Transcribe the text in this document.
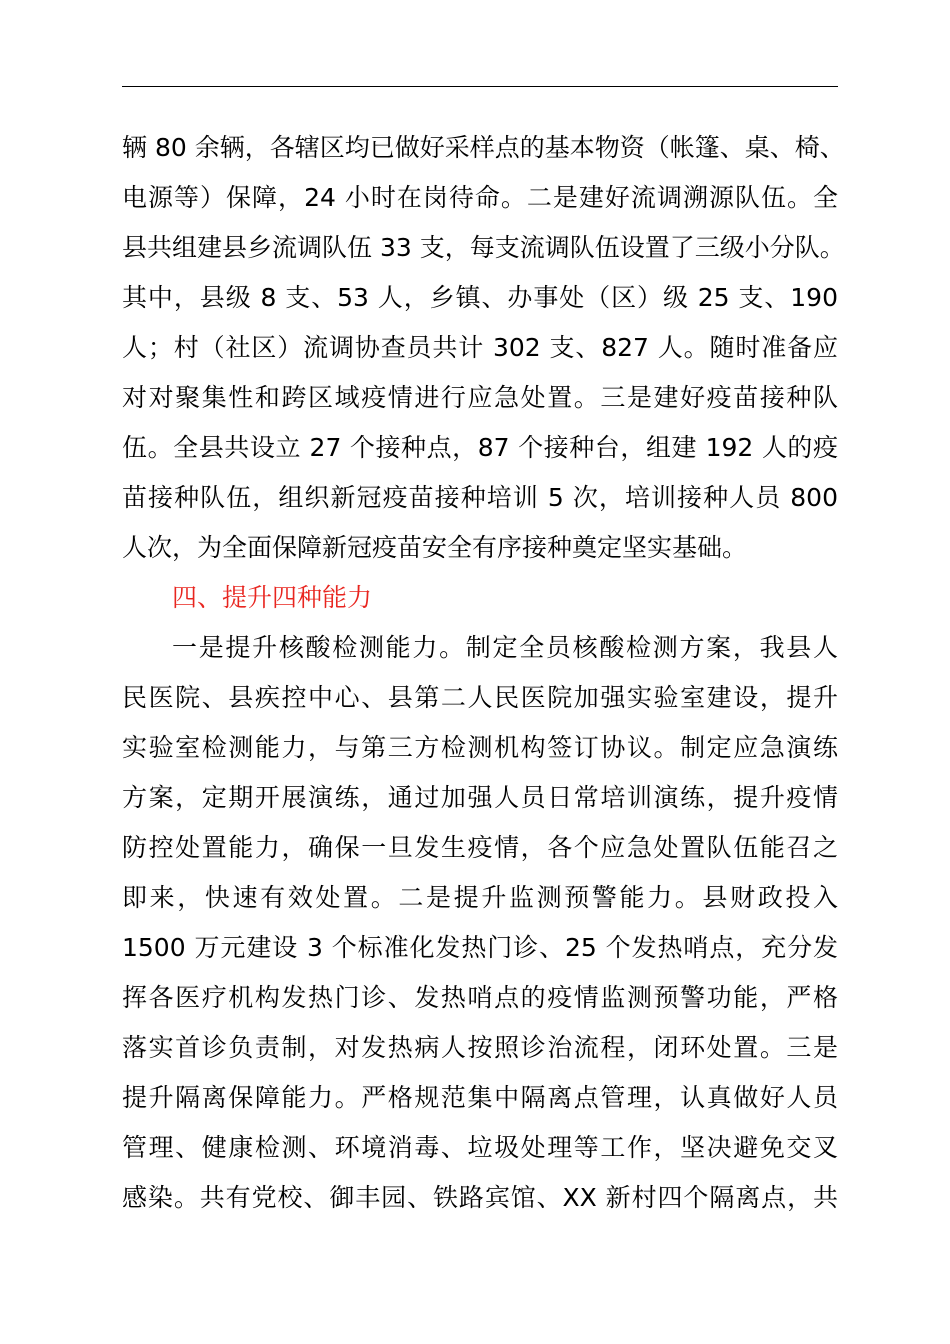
辆 80 余辆，各辖区均已做好采样点的基本物资（帐篷、桌、椅、
电源等）保障，24 小时在岗待命。二是建好流调溯源队伍。全
县共组建县乡流调队伍 33 支，每支流调队伍设置了三级小分队。
其中，县级 8 支、53 人，乡镇、办事处（区）级 25 支、190
人；村（社区）流调协查员共计 302 支、827 人。随时准备应
对对聚集性和跨区域疫情进行应急处置。三是建好疫苗接种队
伍。全县共设立 27 个接种点，87 个接种台，组建 192 人的疫
苗接种队伍，组织新冠疫苗接种培训 5 次，培训接种人员 800
人次，为全面保障新冠疫苗安全有序接种奠定坚实基础。
四、提升四种能力
一是提升核酸检测能力。制定全员核酸检测方案，我县人
民医院、县疾控中心、县第二人民医院加强实验室建设，提升
实验室检测能力，与第三方检测机构签订协议。制定应急演练
方案，定期开展演练，通过加强人员日常培训演练，提升疫情
防控处置能力，确保一旦发生疫情，各个应急处置队伍能召之
即来，快速有效处置。二是提升监测预警能力。县财政投入
1500 万元建设 3 个标准化发热门诊、25 个发热哨点，充分发
挥各医疗机构发热门诊、发热哨点的疫情监测预警功能，严格
落实首诊负责制，对发热病人按照诊治流程，闭环处置。三是
提升隔离保障能力。严格规范集中隔离点管理，认真做好人员
管理、健康检测、环境消毒、垃圾处理等工作，坚决避免交叉
感染。共有党校、御丰园、铁路宾馆、XX 新村四个隔离点，共
